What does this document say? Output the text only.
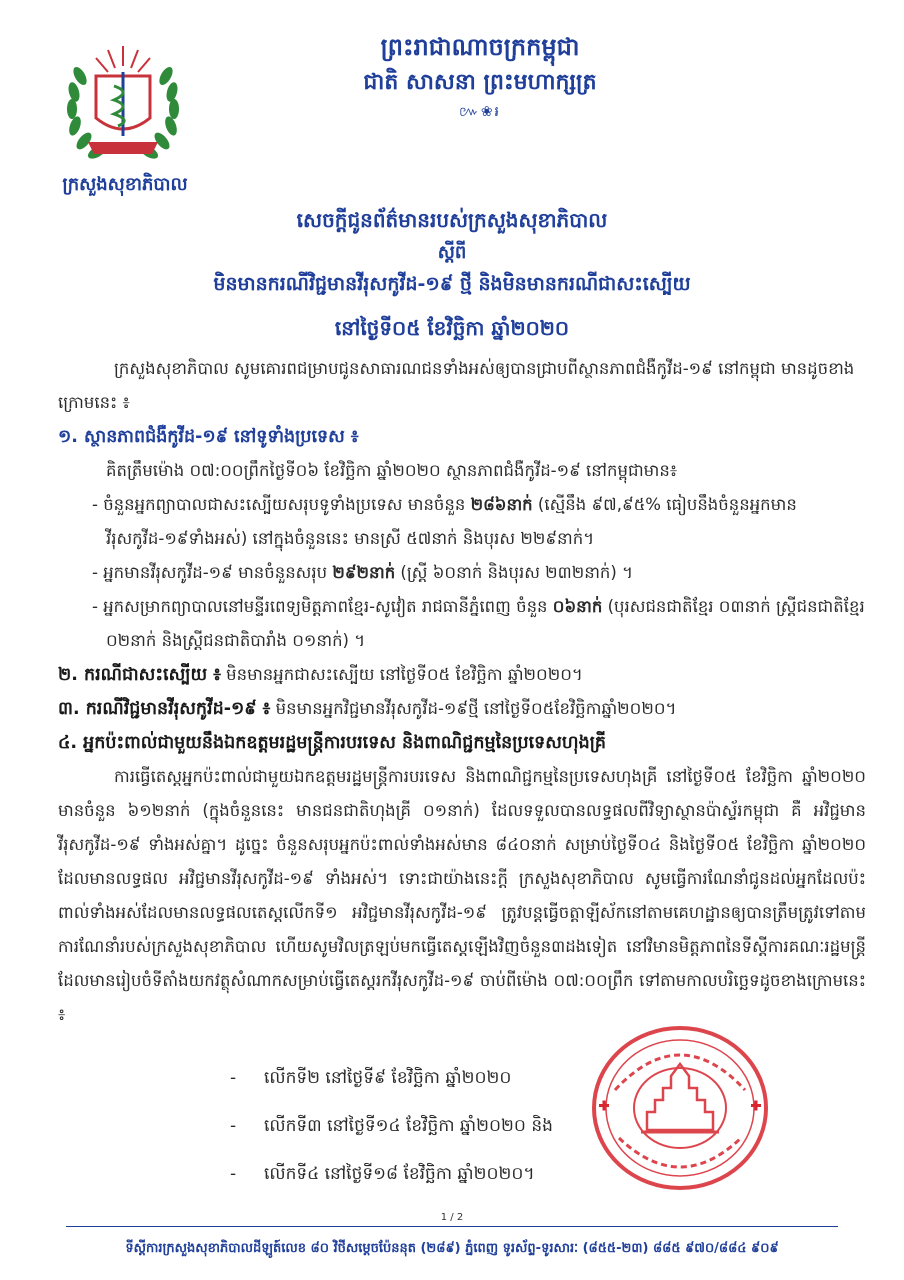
ក្រសួងសុខាភិបាល
ព្រះរាជាណាចក្រកម្ពុជា
ជាតិ សាសនា ព្រះមហាក្សត្រ
៚❀៛
សេចក្តីជូនព័ត៌មានរបស់ក្រសួងសុខាភិបាល
ស្តីពី
មិនមានករណីវិជ្ជមានវីរុសកូវីដ-១៩ ថ្មី និងមិនមានករណីជាសះស្បើយ
នៅថ្ងៃទី០៥ ខែវិច្ឆិកា ឆ្នាំ២០២០

ក្រសួងសុខាភិបាល សូមគោរពជម្រាបជូនសាធារណជនទាំងអស់ឲ្យបានជ្រាបពីស្ថានភាពជំងឺកូវីដ-១៩ នៅកម្ពុជា មានដូចខាងក្រោមនេះ ៖

១. ស្ថានភាពជំងឺកូវីដ-១៩ នៅទូទាំងប្រទេស ៖

គិតត្រឹមម៉ោង ០៧:០០ព្រឹកថ្ងៃទី០៦ ខែវិច្ឆិកា ឆ្នាំ២០២០ ស្ថានភាពជំងឺកូវីដ-១៩ នៅកម្ពុជាមាន៖

- ចំនួនអ្នកព្យាបាលជាសះស្បើយសរុបទូទាំងប្រទេស មានចំនួន ២៨៦នាក់ (ស្មើនឹង ៩៧,៩៥% ធៀបនឹងចំនួនអ្នកមានវីរុសកូវីដ-១៩ទាំងអស់) នៅក្នុងចំនួននេះ មានស្រី ៥៧នាក់ និងបុរស ២២៩នាក់។

- អ្នកមានវីរុសកូវីដ-១៩ មានចំនួនសរុប ២៩២នាក់ (ស្ត្រី ៦០នាក់ និងបុរស ២៣២នាក់) ។

- អ្នកសម្រាកព្យាបាលនៅមន្ទីរពេទ្យមិត្តភាពខ្មែរ-សូវៀត រាជធានីភ្នំពេញ ចំនួន ០៦នាក់ (បុរសជនជាតិខ្មែរ ០៣នាក់ ស្ត្រីជនជាតិខ្មែរ ០២នាក់ និងស្ត្រីជនជាតិបារាំង ០១នាក់) ។

២. ករណីជាសះស្បើយ ៖ មិនមានអ្នកជាសះស្បើយ នៅថ្ងៃទី០៥ ខែវិច្ឆិកា ឆ្នាំ២០២០។

៣. ករណីវិជ្ជមានវីរុសកូវីដ-១៩ ៖ មិនមានអ្នកវិជ្ជមានវីរុសកូវីដ-១៩ថ្មី នៅថ្ងៃទី០៥ខែវិច្ឆិកាឆ្នាំ២០២០។

៤. អ្នកប៉ះពាល់ជាមួយនឹងឯកឧត្តមរដ្ឋមន្ត្រីការបរទេស និងពាណិជ្ជកម្មនៃប្រទេសហុងគ្រី

ការធ្វើតេស្តអ្នកប៉ះពាល់ជាមួយឯកឧត្តមរដ្ឋមន្ត្រីការបរទេស និងពាណិជ្ជកម្មនៃប្រទេសហុងគ្រី នៅថ្ងៃទី០៥ ខែវិច្ឆិកា ឆ្នាំ២០២០ មានចំនួន ៦១២នាក់ (ក្នុងចំនួននេះ មានជនជាតិហុងគ្រី ០១នាក់) ដែលទទួលបានលទ្ធផលពីវិទ្យាស្ថានប៉ាស្ទ័រកម្ពុជា គឺ អវិជ្ជមានវីរុសកូវីដ-១៩ ទាំងអស់គ្នា។ ដូច្នេះ ចំនួនសរុបអ្នកប៉ះពាល់ទាំងអស់មាន ៨៤០នាក់ សម្រាប់ថ្ងៃទី០៤ និងថ្ងៃទី០៥ ខែវិច្ឆិកា ឆ្នាំ២០២០ ដែលមានលទ្ធផល អវិជ្ជមានវីរុសកូវីដ-១៩ ទាំងអស់។ ទោះជាយ៉ាងនេះក្តី ក្រសួងសុខាភិបាល សូមធ្វើការណែនាំជូនដល់អ្នកដែលប៉ះពាល់ទាំងអស់ដែលមានលទ្ធផលតេស្តលើកទី១ អវិជ្ជមានវីរុសកូវីដ-១៩ ត្រូវបន្តធ្វើចត្តាឡីស័កនៅតាមគេហដ្ឋានឲ្យបានត្រឹមត្រូវទៅតាមការណែនាំរបស់ក្រសួងសុខាភិបាល ហើយសូមវិលត្រឡប់មកធ្វើតេស្តឡើងវិញចំនួន៣ដងទៀត នៅវិមានមិត្តភាពនៃទីស្តីការគណៈរដ្ឋមន្ត្រី ដែលមានរៀបចំទីតាំងយកវត្ថុសំណាកសម្រាប់ធ្វើតេស្តរកវីរុសកូវីដ-១៩ ចាប់ពីម៉ោង ០៧:០០ព្រឹក ទៅតាមកាលបរិច្ឆេទដូចខាងក្រោមនេះ ៖

- លើកទី២ នៅថ្ងៃទី៩ ខែវិច្ឆិកា ឆ្នាំ២០២០
- លើកទី៣ នៅថ្ងៃទី១៤ ខែវិច្ឆិកា ឆ្នាំ២០២០ និង
- លើកទី៤ នៅថ្ងៃទី១៨ ខែវិច្ឆិកា ឆ្នាំ២០២០។
1 / 2
ទីស្តីការក្រសួងសុខាភិបាលដីឡូត៍លេខ ៨០ វិថីសម្តេចប៉ែននុត (២៨៩) ភ្នំពេញ ទូរស័ព្ទ-ទូរសារៈ (៨៥៥-២៣) ៨៨៥ ៩៧០/៨៨៤ ៩០៩
